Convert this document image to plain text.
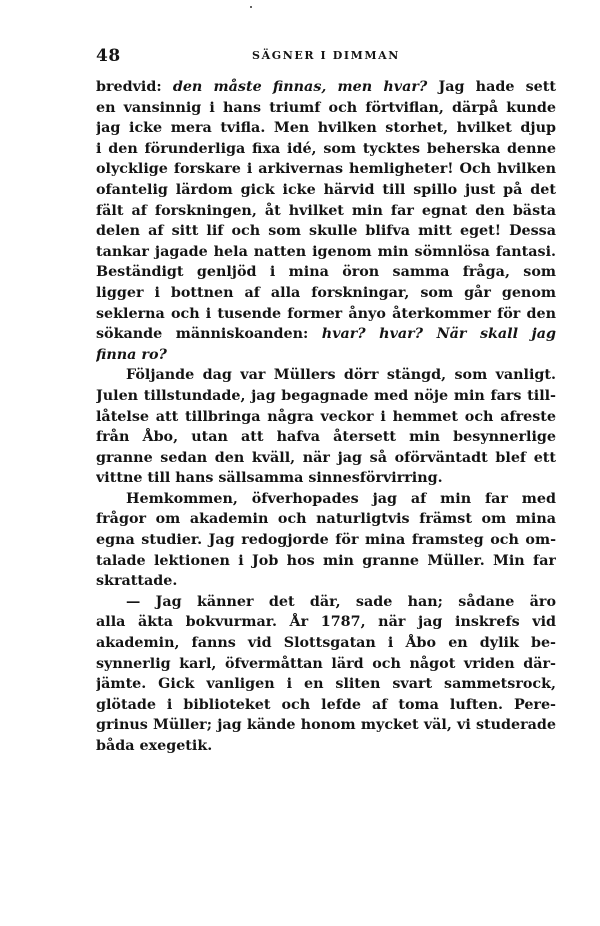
48	SÄGNER I DIMMAN
bredvid: den måste finnas, men hvar? Jag hade sett
en vansinnig i hans triumf och förtviflan, därpå kunde
jag icke mera tvifla. Men hvilken storhet, hvilket djup
i den förunderliga fixa idé, som tycktes beherska denne
olycklige forskare i arkivernas hemligheter! Och hvilken
ofantelig lärdom gick icke härvid till spillo just på det
fält af forskningen, åt hvilket min far egnat den bästa
delen af sitt lif och som skulle blifva mitt eget! Dessa
tankar jagade hela natten igenom min sömnlösa fantasi.
Beständigt genljöd i mina öron samma fråga, som
ligger i bottnen af alla forskningar, som går genom
seklerna och i tusende former ånyo återkommer för den
sökande människoanden: hvar? hvar? När skall jag
finna ro?
Följande dag var Müllers dörr stängd, som vanligt.
Julen tillstundade, jag begagnade med nöje min fars till-
låtelse att tillbringa några veckor i hemmet och afreste
från Åbo, utan att hafva återsett min besynnerlige
granne sedan den kväll, när jag så oförväntadt blef ett
vittne till hans sällsamma sinnesförvirring.
Hemkommen, öfverhopades jag af min far med
frågor om akademin och naturligtvis främst om mina
egna studier. Jag redogjorde för mina framsteg och om-
talade lektionen i Job hos min granne Müller. Min far
skrattade.
— Jag känner det där, sade han; sådane äro
alla äkta bokvurmar. År 1787, när jag inskrefs vid
akademin, fanns vid Slottsgatan i Åbo en dylik be-
synnerlig karl, öfvermåttan lärd och något vriden där-
jämte. Gick vanligen i en sliten svart sammetsrock,
glötade i biblioteket och lefde af toma luften. Pere-
grinus Müller; jag kände honom mycket väl, vi studerade
båda exegetik.
